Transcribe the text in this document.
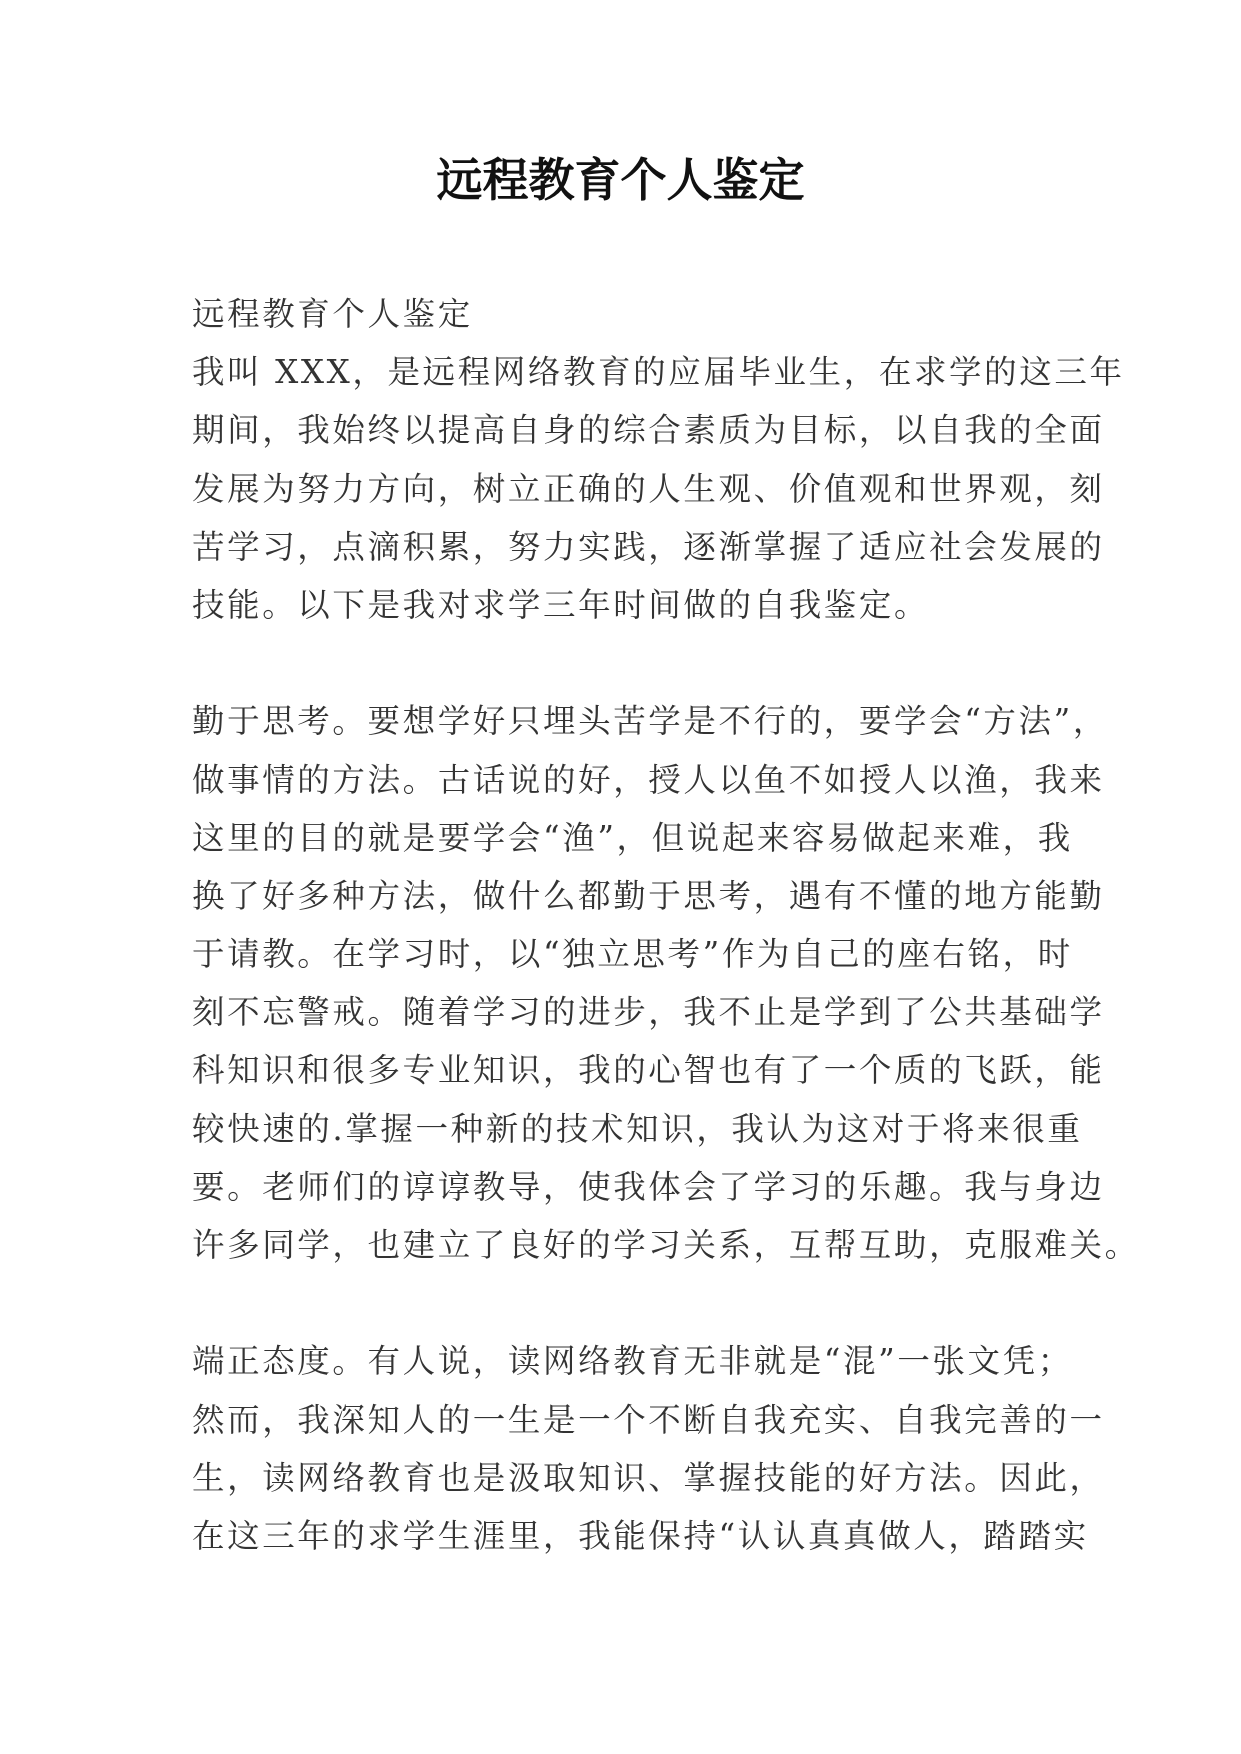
远程教育个人鉴定
远程教育个人鉴定
我叫 XXX，是远程网络教育的应届毕业生，在求学的这三年
期间，我始终以提高自身的综合素质为目标，以自我的全面
发展为努力方向，树立正确的人生观、价值观和世界观，刻
苦学习，点滴积累，努力实践，逐渐掌握了适应社会发展的
技能。以下是我对求学三年时间做的自我鉴定。
勤于思考。要想学好只埋头苦学是不行的，要学会“方法”，
做事情的方法。古话说的好，授人以鱼不如授人以渔，我来
这里的目的就是要学会“渔”，但说起来容易做起来难，我
换了好多种方法，做什么都勤于思考，遇有不懂的地方能勤
于请教。在学习时，以“独立思考”作为自己的座右铭，时
刻不忘警戒。随着学习的进步，我不止是学到了公共基础学
科知识和很多专业知识，我的心智也有了一个质的飞跃，能
较快速的.掌握一种新的技术知识，我认为这对于将来很重
要。老师们的谆谆教导，使我体会了学习的乐趣。我与身边
许多同学，也建立了良好的学习关系，互帮互助，克服难关。
端正态度。有人说，读网络教育无非就是“混”一张文凭；
然而，我深知人的一生是一个不断自我充实、自我完善的一
生，读网络教育也是汲取知识、掌握技能的好方法。因此，
在这三年的求学生涯里，我能保持“认认真真做人，踏踏实
